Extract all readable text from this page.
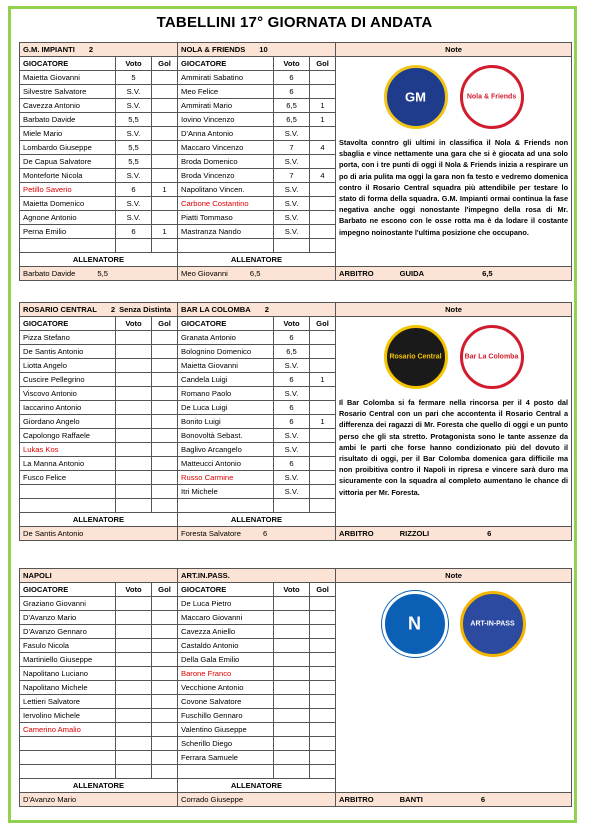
TABELLINI 17° GIORNATA DI ANDATA
G.M. IMPIANTI 2			NOLA & FRIENDS 10			Note
GIOCATORE	Voto	Gol	GIOCATORE	Voto	Gol	GM Nola & Friends

Stavolta conntro gli ultimi in classifica il Nola & Friends non sbaglia e vince nettamente una gara che si è giocata ad una solo porta, con i tre punti di oggi il Nola & Friends inizia a respirare un po di aria pulita ma oggi la gara non fa testo e vedremo domenica contro il Rosario Central squadra più attendibile per testare lo stato di forma della squadra. G.M. Impianti ormai continua la fase negativa anche oggi nonostante l'impegno della rosa di Mr. Barbato ne escono con le osse rotta ma è da lodare il costante impegno noinostante l'ultima posizione che occupano.

Maietta Giovanni	5		Ammirati Sabatino	6		
Silvestre Salvatore	S.V.		Meo Felice	6		
Cavezza Antonio	S.V.		Ammirati Mario	6,5	1	
Barbato Davide	5,5		Iovino Vincenzo	6,5	1	
Miele Mario	S.V.		D'Anna Antonio	S.V.		
Lombardo Giuseppe	5,5		Maccaro Vincenzo	7	4	
De Capua Salvatore	5,5		Broda Domenico	S.V.		
Monteforte Nicola	S.V.		Broda Vincenzo	7	4	
Petillo Saverio	6	1	Napolitano Vincen.	S.V.		
Maietta Domenico	S.V.		Carbone Costantino	S.V.		
Agnone Antonio	S.V.		Piatti Tommaso	S.V.		
Perna Emilio	6	1	Mastranza Nando	S.V.		

ALLENATORE			ALLENATORE			
Barbato Davide 5,5			Meo Giovanni 6,5			ARBITRO GUIDA 6,5
ROSARIO CENTRAL 2 Senza Distinta			BAR LA COLOMBA 2			Note
GIOCATORE	Voto	Gol	GIOCATORE	Voto	Gol	Rosario Central Bar La Colomba

Il Bar Colomba si fa fermare nella rincorsa per il 4 posto dal Rosario Central con un pari che accontenta il Rosario Central a differenza dei ragazzi di Mr. Foresta che quello di oggi e un punto perso che gli sta stretto. Protagonista sono le tante assenze da ambi le parti che forse hanno condizionato più del dovuto il risultato di oggi, per il Bar Colomba domenica gara difficile ma non proibitiva contro il Napoli in ripresa e vincere sarà duro ma sicuramente con la squadra al completo aumentano le chance di vittoria per Mr. Foresta.

Pizza Stefano			Granata Antonio	6		
De Santis Antonio			Bolognino Domenico	6,5		
Liotta Angelo			Maietta Giovanni	S.V.		
Cuscire Pellegrino			Candela Luigi	6	1	
Viscovo Antonio			Romano Paolo	S.V.		
Iaccarino Antonio			De Luca Luigi	6		
Giordano Angelo			Bonito Luigi	6	1	
Capolongo Raffaele			Bonovoltà Sebast.	S.V.		
Lukas Kos			Baglivo Arcangelo	S.V.		
La Manna Antonio			Matteucci Antonio	6		
Fusco Felice			Russo Carmine	S.V.		
			Itri Michele	S.V.		

ALLENATORE			ALLENATORE			
De Santis Antonio			Foresta Salvatore 6			ARBITRO RIZZOLI 6
NAPOLI			ART.IN.PASS.			Note
GIOCATORE	Voto	Gol	GIOCATORE	Voto	Gol	N ART-IN-PASS

Graziano Giovanni			De Luca Pietro			
D'Avanzo Mario			Maccaro Giovanni			
D'Avanzo Gennaro			Cavezza Aniello			
Fasulo Nicola			Castaldo Antonio			
Martiniello Giuseppe			Della Gala Emilio			
Napolitano Luciano			Barone Franco			
Napolitano Michele			Vecchione Antonio			
Lettieri Salvatore			Covone Salvatore			
Iervolino Michele			Fuschillo Gennaro			
Camerino Amalio			Valentino Giuseppe			
			Scherillo Diego			
			Ferrara Samuele			

ALLENATORE			ALLENATORE			
D'Avanzo Mario			Corrado Giuseppe			ARBITRO BANTI 6
